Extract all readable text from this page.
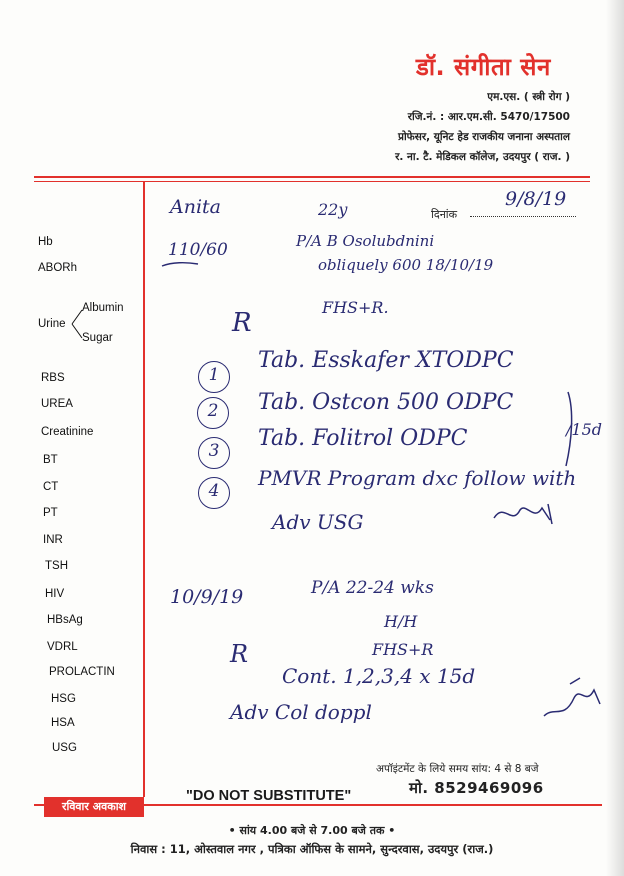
डॉ. संगीता सेन
एम.एस. ( स्त्री रोग )
रजि.नं. : आर.एम.सी. 5470/17500
प्रोफेसर, यूनिट हेड राजकीय जनाना अस्पताल
र. ना. टै. मेडिकल कॉलेज, उदयपुर ( राज. )
Hb
ABORh
Urine
Albumin
Sugar
RBS
UREA
Creatinine
BT
CT
PT
INR
TSH
HIV
HBsAg
VDRL
PROLACTIN
HSG
HSA
USG
दिनांक
Anita	22y	9/8/19
110/60	P/A B Osolubdnini
obliquely 600 18/10/19
FHS+R.
R
1
Tab. Esskafer XTODPC
2	Tab. Ostcon 500 ODPC
3	Tab. Folitrol ODPC
4
PMVR Program dxc follow with
/15d
Adv USG
10/9/19	P/A 22-24 wks
H/H
FHS+R
R
Cont. 1,2,3,4 x 15d
Adv Col doppl
अपॉइंटमेंट के लिये समय सांय: 4 से 8 बजे
मो. 8529469096
रविवार अवकाश
"DO NOT SUBSTITUTE"
• सांय 4.00 बजे से 7.00 बजे तक •
निवास : 11, ओस्तवाल नगर , पत्रिका ऑफिस के सामने, सुन्दरवास, उदयपुर (राज.)
